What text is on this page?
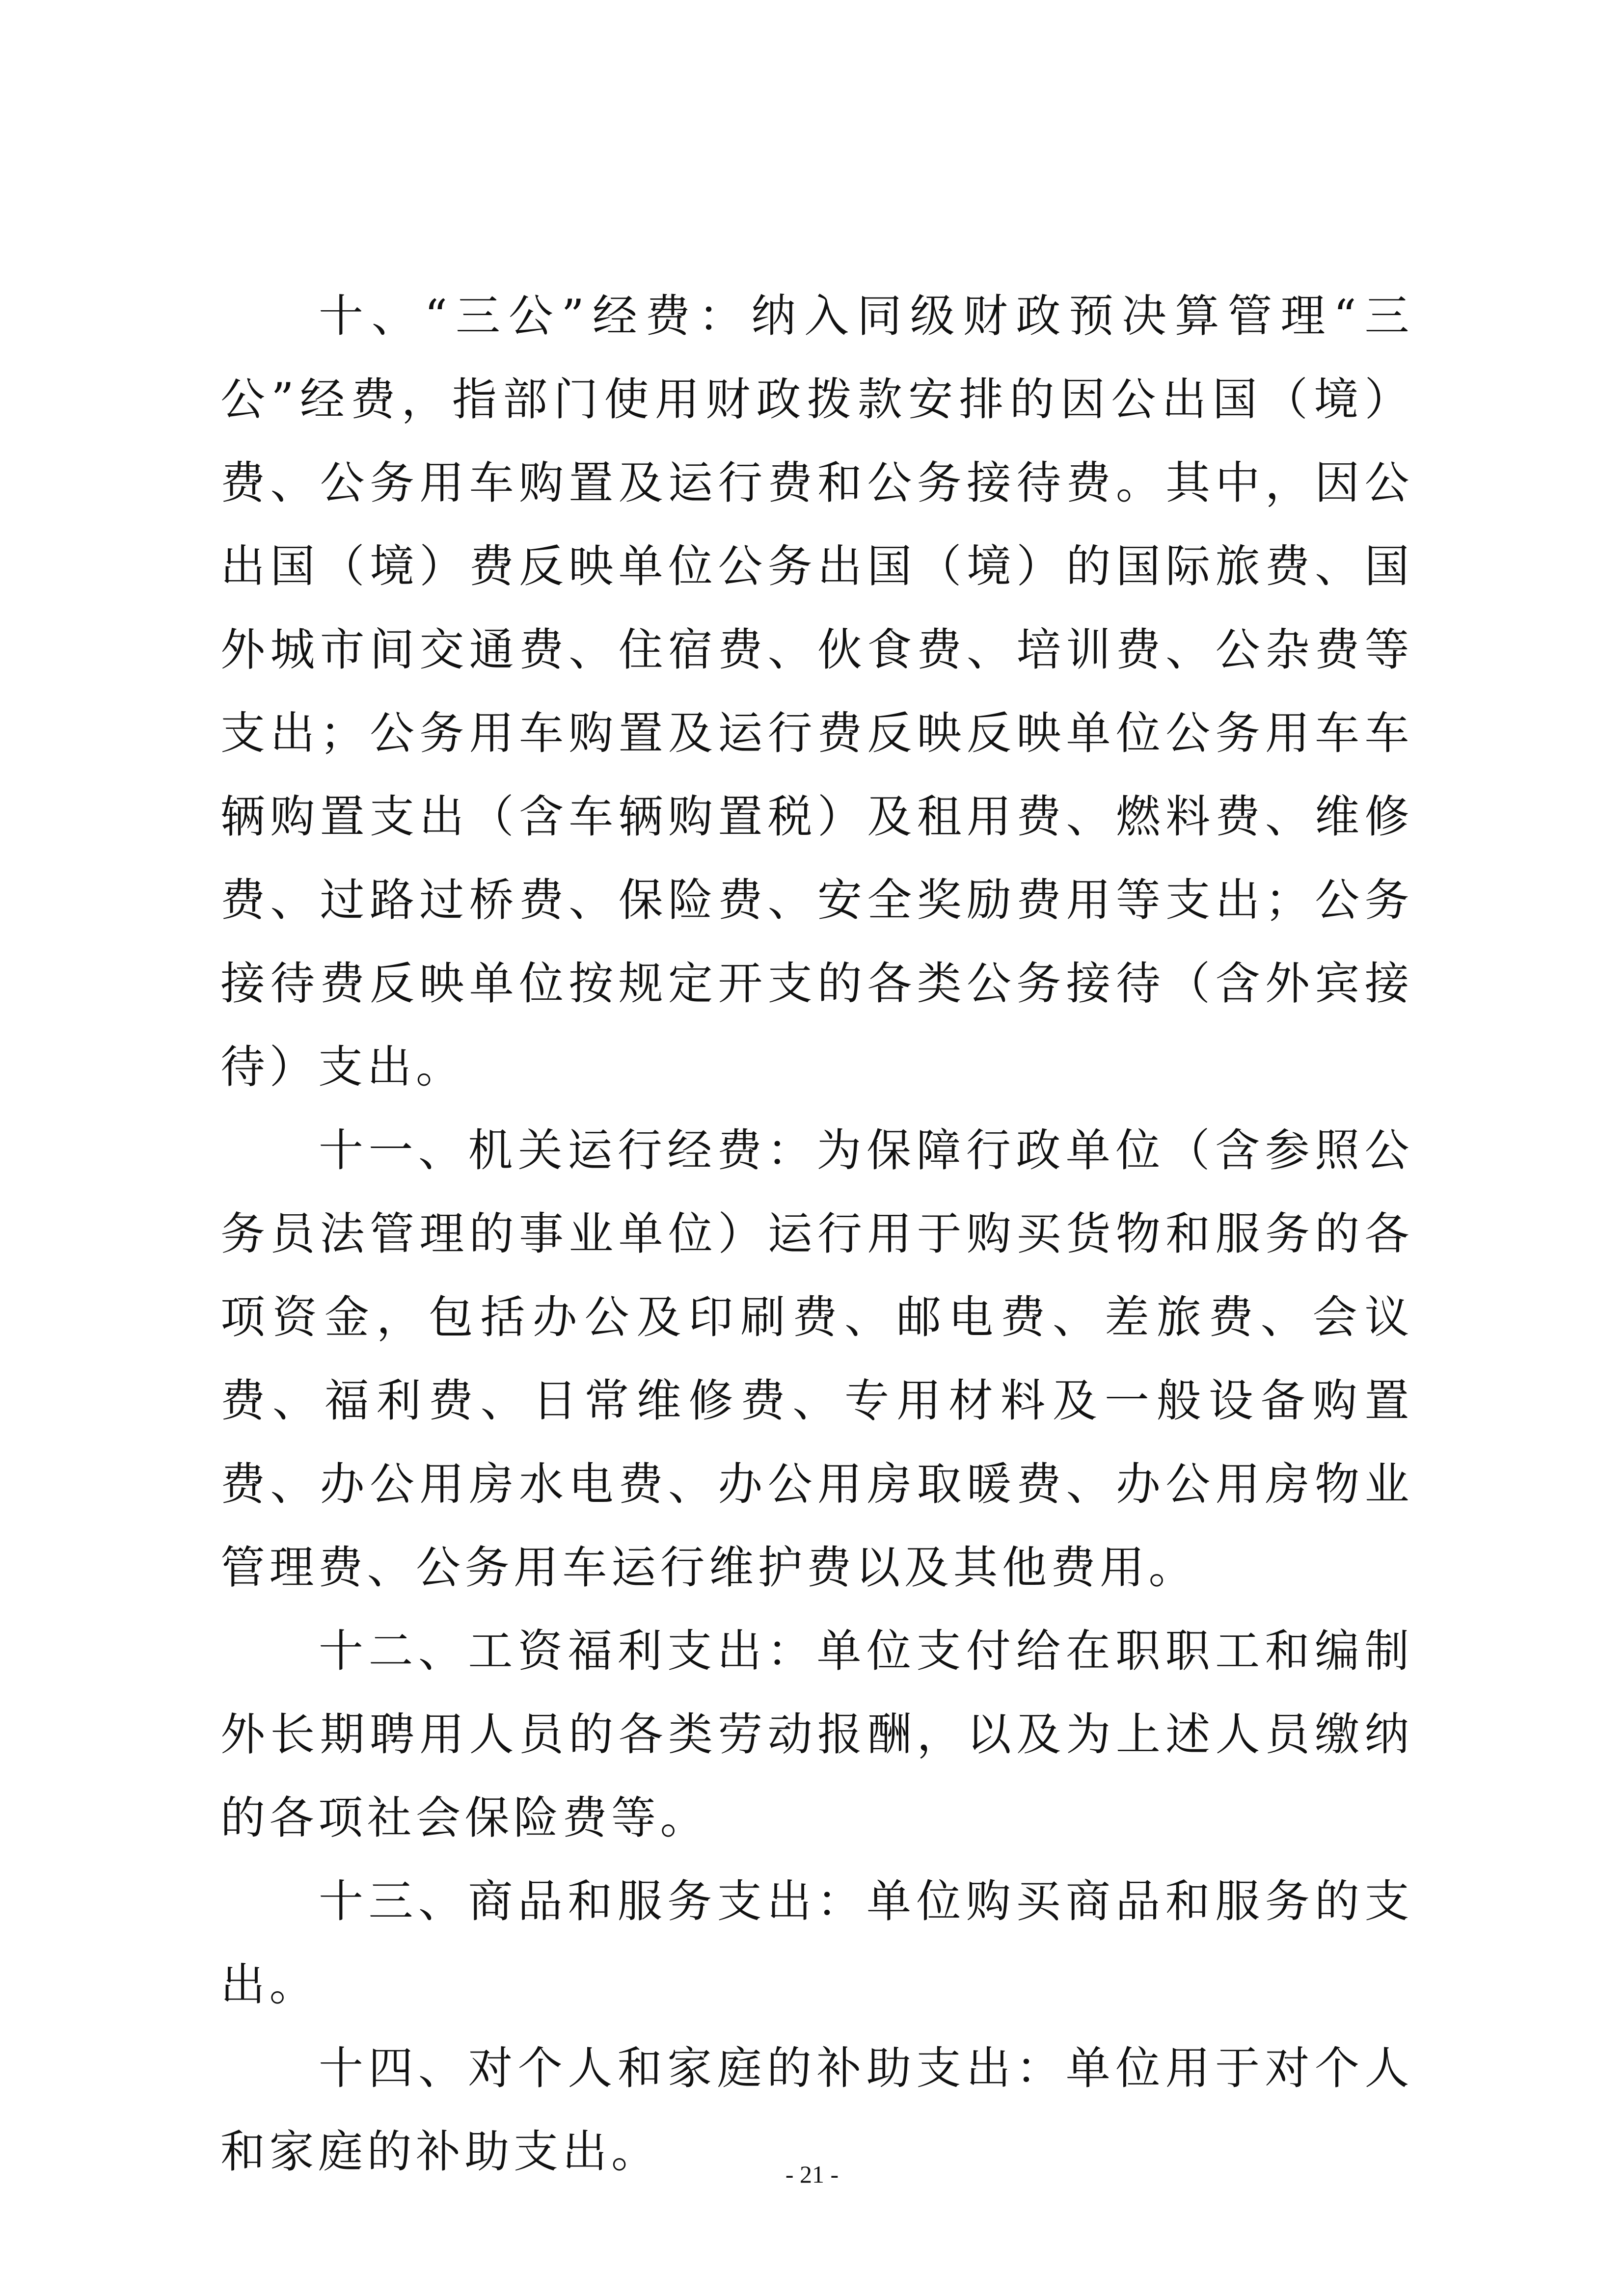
十、“三公”经费：纳入同级财政预决算管理“三公”经费，指部门使用财政拨款安排的因公出国（境）费、公务用车购置及运行费和公务接待费。其中，因公出国（境）费反映单位公务出国（境）的国际旅费、国外城市间交通费、住宿费、伙食费、培训费、公杂费等支出；公务用车购置及运行费反映反映单位公务用车车辆购置支出（含车辆购置税）及租用费、燃料费、维修费、过路过桥费、保险费、安全奖励费用等支出；公务接待费反映单位按规定开支的各类公务接待（含外宾接待）支出。

十一、机关运行经费：为保障行政单位（含参照公务员法管理的事业单位）运行用于购买货物和服务的各项资金，包括办公及印刷费、邮电费、差旅费、会议费、福利费、日常维修费、专用材料及一般设备购置费、办公用房水电费、办公用房取暖费、办公用房物业管理费、公务用车运行维护费以及其他费用。

十二、工资福利支出：单位支付给在职职工和编制外长期聘用人员的各类劳动报酬，以及为上述人员缴纳的各项社会保险费等。

十三、商品和服务支出：单位购买商品和服务的支出。

十四、对个人和家庭的补助支出：单位用于对个人和家庭的补助支出。	- 21 -
